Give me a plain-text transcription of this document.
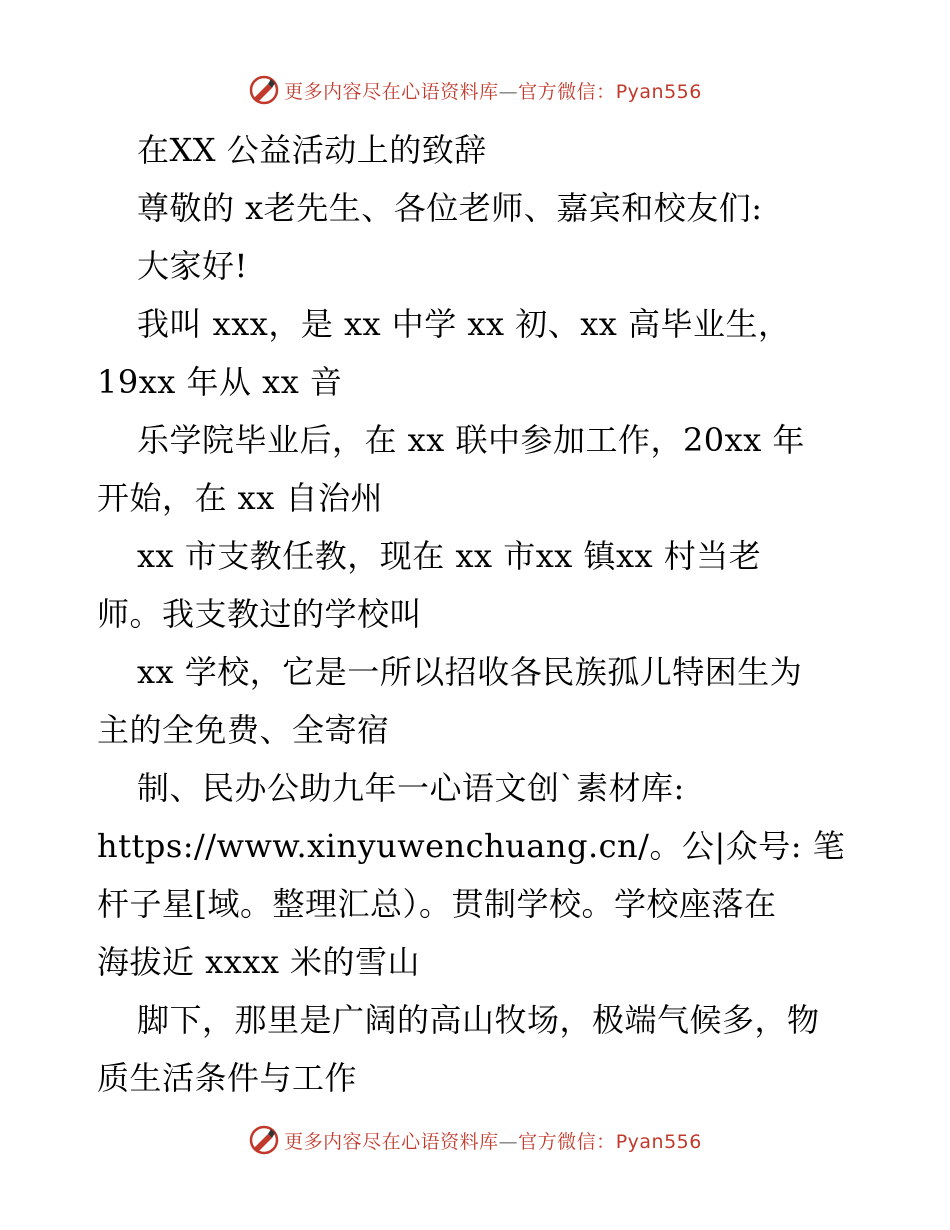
更多内容尽在心语资料库—官方微信：Pyan556
在XX 公益活动上的致辞
尊敬的 x老先生、各位老师、嘉宾和校友们:
大家好!
我叫 xxx，是 xx 中学 xx 初、xx 高毕业生，
19xx 年从 xx 音
乐学院毕业后，在 xx 联中参加工作，20xx 年
开始，在 xx 自治州
xx 市支教任教，现在 xx 市xx 镇xx 村当老
师。我支教过的学校叫
xx 学校，它是一所以招收各民族孤儿特困生为
主的全免费、全寄宿
制、民办公助九年一心语文创`素材库:
https://www.xinyuwenchuang.cn/。公|众号: 笔
杆子星[域。整理汇总）。贯制学校。学校座落在
海拔近 xxxx 米的雪山
脚下，那里是广阔的高山牧场，极端气候多，物
质生活条件与工作
更多内容尽在心语资料库—官方微信：Pyan556
